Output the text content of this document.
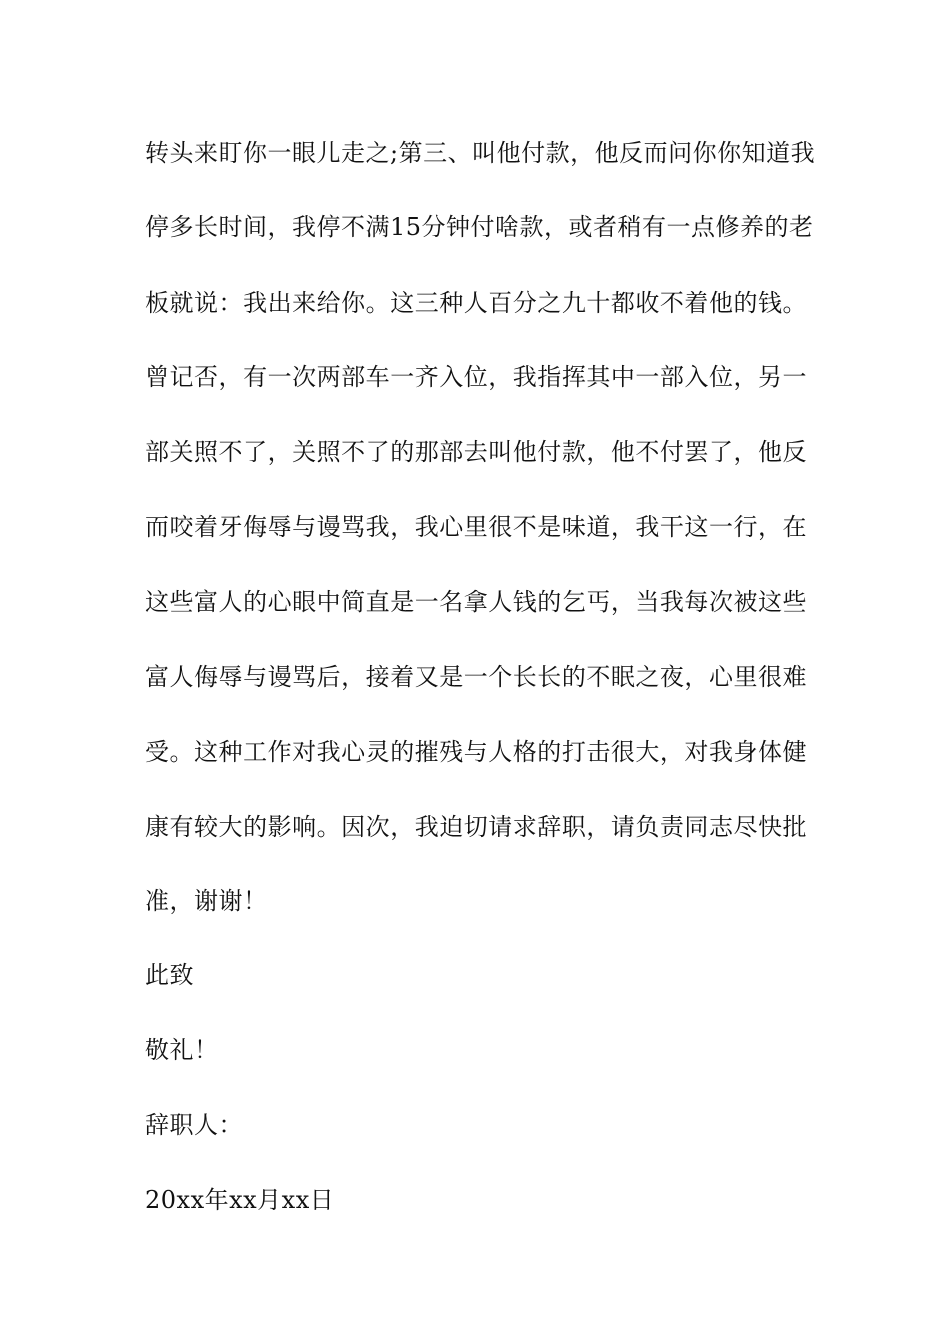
转头来盯你一眼儿走之;第三、叫他付款，他反而问你你知道我
停多长时间，我停不满15分钟付啥款，或者稍有一点修养的老
板就说：我出来给你。这三种人百分之九十都收不着他的钱。
曾记否，有一次两部车一齐入位，我指挥其中一部入位，另一
部关照不了，关照不了的那部去叫他付款，他不付罢了，他反
而咬着牙侮辱与谩骂我，我心里很不是味道，我干这一行，在
这些富人的心眼中简直是一名拿人钱的乞丐，当我每次被这些
富人侮辱与谩骂后，接着又是一个长长的不眠之夜，心里很难
受。这种工作对我心灵的摧残与人格的打击很大，对我身体健
康有较大的影响。因次，我迫切请求辞职，请负责同志尽快批
准，谢谢！
此致
敬礼！
辞职人：
20xx年xx月xx日
